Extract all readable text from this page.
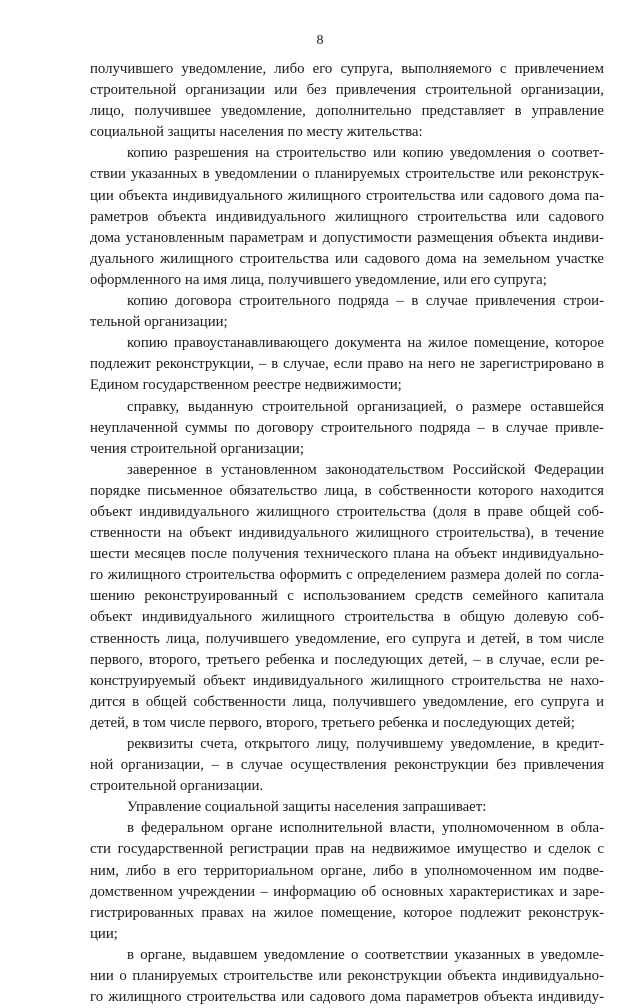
8
получившего уведомление, либо его супруга, выполняемого с привлечением
строительной организации или без привлечения строительной организации,
лицо, получившее уведомление, дополнительно представляет в управление
социальной защиты населения по месту жительства:
копию разрешения на строительство или копию уведомления о соответ-
ствии указанных в уведомлении о планируемых строительстве или реконструк-
ции объекта индивидуального жилищного строительства или садового дома па-
раметров объекта индивидуального жилищного строительства или садового
дома установленным параметрам и допустимости размещения объекта индиви-
дуального жилищного строительства или садового дома на земельном участке
оформленного на имя лица, получившего уведомление, или его супруга;
копию договора строительного подряда – в случае привлечения строи-
тельной организации;
копию правоустанавливающего документа на жилое помещение, которое
подлежит реконструкции, – в случае, если право на него не зарегистрировано в
Едином государственном реестре недвижимости;
справку, выданную строительной организацией, о размере оставшейся
неуплаченной суммы по договору строительного подряда – в случае привле-
чения строительной организации;
заверенное в установленном законодательством Российской Федерации
порядке письменное обязательство лица, в собственности которого находится
объект индивидуального жилищного строительства (доля в праве общей соб-
ственности на объект индивидуального жилищного строительства), в течение
шести месяцев после получения технического плана на объект индивидуально-
го жилищного строительства оформить с определением размера долей по согла-
шению реконструированный с использованием средств семейного капитала
объект индивидуального жилищного строительства в общую долевую соб-
ственность лица, получившего уведомление, его супруга и детей, в том числе
первого, второго, третьего ребенка и последующих детей, – в случае, если ре-
конструируемый объект индивидуального жилищного строительства не нахо-
дится в общей собственности лица, получившего уведомление, его супруга и
детей, в том числе первого, второго, третьего ребенка и последующих детей;
реквизиты счета, открытого лицу, получившему уведомление, в кредит-
ной организации, – в случае осуществления реконструкции без привлечения
строительной организации.
Управление социальной защиты населения запрашивает:
в федеральном органе исполнительной власти, уполномоченном в обла-
сти государственной регистрации прав на недвижимое имущество и сделок с
ним, либо в его территориальном органе, либо в уполномоченном им подве-
домственном учреждении – информацию об основных характеристиках и заре-
гистрированных правах на жилое помещение, которое подлежит реконструк-
ции;
в органе, выдавшем уведомление о соответствии указанных в уведомле-
нии о планируемых строительстве или реконструкции объекта индивидуально-
го жилищного строительства или садового дома параметров объекта индивиду-
